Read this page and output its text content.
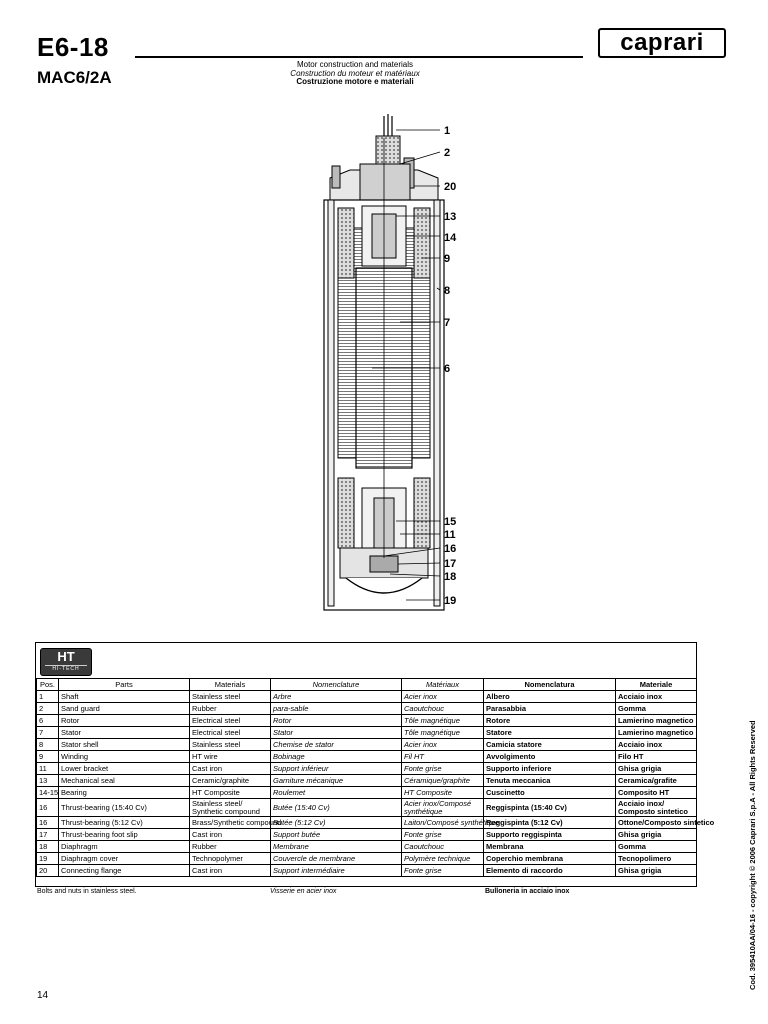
E6-18
MAC6/2A
caprari
Motor construction and materials
Construction du moteur et matériaux
Costruzione motore e materiali
1
2
20
13
14
9
8
7
6
15
11
16
17
18
19
HT
HI-TECH
Pos.	Parts	Materials	Nomenclature	Matériaux	Nomenclatura	Materiale
1	Shaft	Stainless steel	Arbre	Acier inox	Albero	Acciaio inox
2	Sand guard	Rubber	para-sable	Caoutchouc	Parasabbia	Gomma
6	Rotor	Electrical steel	Rotor	Tôle magnétique	Rotore	Lamierino magnetico
7	Stator	Electrical steel	Stator	Tôle magnétique	Statore	Lamierino magnetico
8	Stator shell	Stainless steel	Chemise de stator	Acier inox	Camicia statore	Acciaio inox
9	Winding	HT wire	Bobinage	Fil HT	Avvolgimento	Filo HT
11	Lower bracket	Cast iron	Support inférieur	Fonte grise	Supporto inferiore	Ghisa grigia
13	Mechanical seal	Ceramic/graphite	Garniture mécanique	Céramique/graphite	Tenuta meccanica	Ceramica/grafite
14-15	Bearing	HT Composite	Roulemet	HT Composite	Cuscinetto	Composito HT
16	Thrust-bearing (15:40 Cv)	Stainless steel/ Synthetic compound	Butée (15:40 Cv)	Acier inox/Composé synthétique	Reggispinta (15:40 Cv)	Acciaio inox/ Composto sintetico
16	Thrust-bearing (5:12 Cv)	Brass/Synthetic compound	Butée (5:12 Cv)	Laiton/Composé synthétique	Reggispinta (5:12 Cv)	Ottone/Composto sintetico
17	Thrust-bearing foot slip	Cast iron	Support butée	Fonte grise	Supporto reggispinta	Ghisa grigia
18	Diaphragm	Rubber	Membrane	Caoutchouc	Membrana	Gomma
19	Diaphragm cover	Technopolymer	Couvercle de membrane	Polymère technique	Coperchio membrana	Tecnopolimero
20	Connecting flange	Cast iron	Support intermédiaire	Fonte grise	Elemento di raccordo	Ghisa grigia
Bolts and nuts in stainless steel.	Visserie en acier inox	Bulloneria in acciaio inox	Cod. 395410AA/04-16 - copyright © 2006 Caprari S.p.A - All Rights Reserved
14
